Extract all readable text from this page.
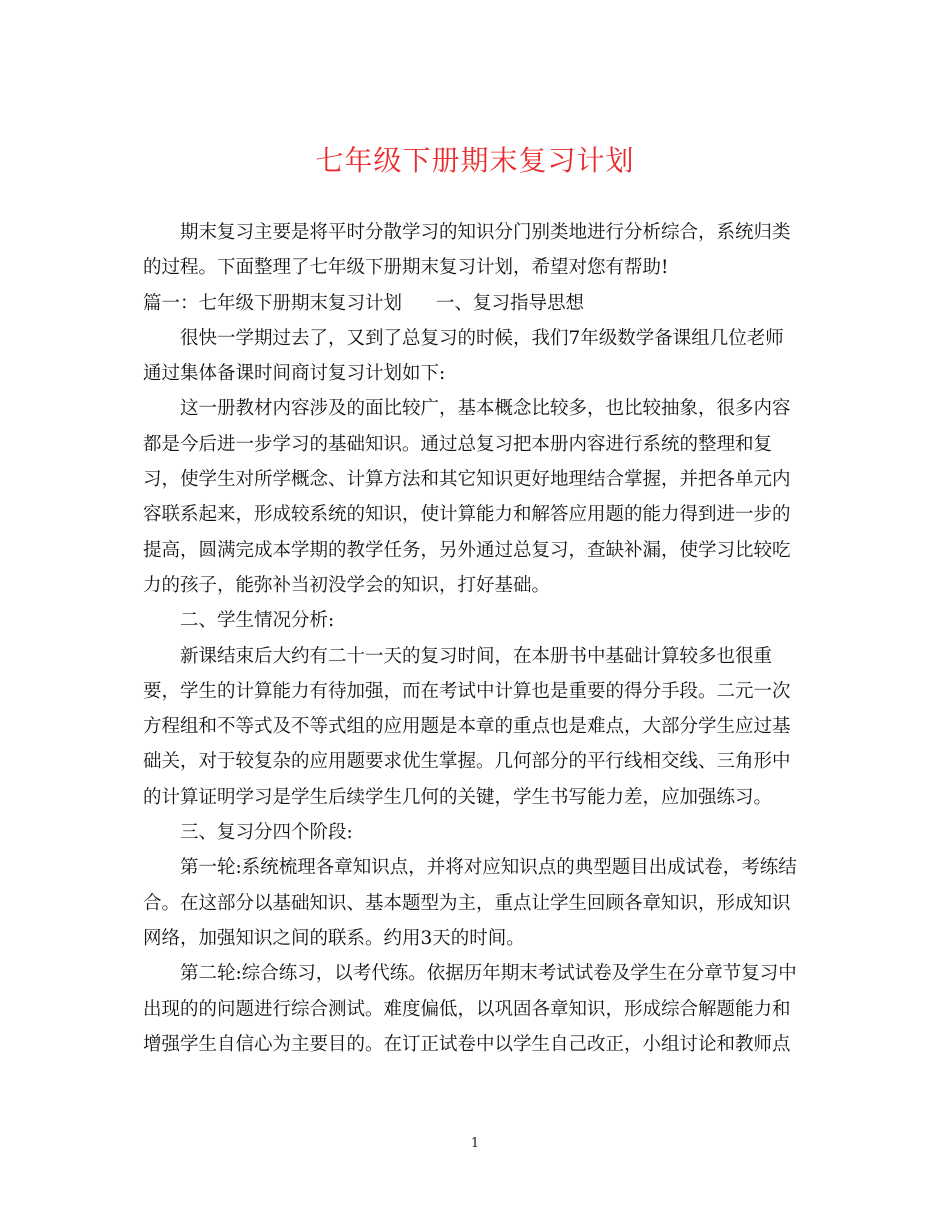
七年级下册期末复习计划

期末复习主要是将平时分散学习的知识分门别类地进行分析综合，系统归类
的过程。下面整理了七年级下册期末复习计划，希望对您有帮助!

篇一：七年级下册期末复习计划 一、复习指导思想

很快一学期过去了，又到了总复习的时候，我们7年级数学备课组几位老师
通过集体备课时间商讨复习计划如下:

这一册教材内容涉及的面比较广，基本概念比较多，也比较抽象，很多内容
都是今后进一步学习的基础知识。通过总复习把本册内容进行系统的整理和复
习，使学生对所学概念、计算方法和其它知识更好地理结合掌握，并把各单元内
容联系起来，形成较系统的知识，使计算能力和解答应用题的能力得到进一步的
提高，圆满完成本学期的教学任务，另外通过总复习，查缺补漏，使学习比较吃
力的孩子，能弥补当初没学会的知识，打好基础。

二、学生情况分析:

新课结束后大约有二十一天的复习时间，在本册书中基础计算较多也很重
要，学生的计算能力有待加强，而在考试中计算也是重要的得分手段。二元一次
方程组和不等式及不等式组的应用题是本章的重点也是难点，大部分学生应过基
础关，对于较复杂的应用题要求优生掌握。几何部分的平行线相交线、三角形中
的计算证明学习是学生后续学生几何的关键，学生书写能力差，应加强练习。

三、复习分四个阶段:

第一轮:系统梳理各章知识点，并将对应知识点的典型题目出成试卷，考练结
合。在这部分以基础知识、基本题型为主，重点让学生回顾各章知识，形成知识
网络，加强知识之间的联系。约用3天的时间。

第二轮:综合练习，以考代练。依据历年期末考试试卷及学生在分章节复习中
出现的的问题进行综合测试。难度偏低，以巩固各章知识，形成综合解题能力和
增强学生自信心为主要目的。在订正试卷中以学生自己改正，小组讨论和教师点

1
